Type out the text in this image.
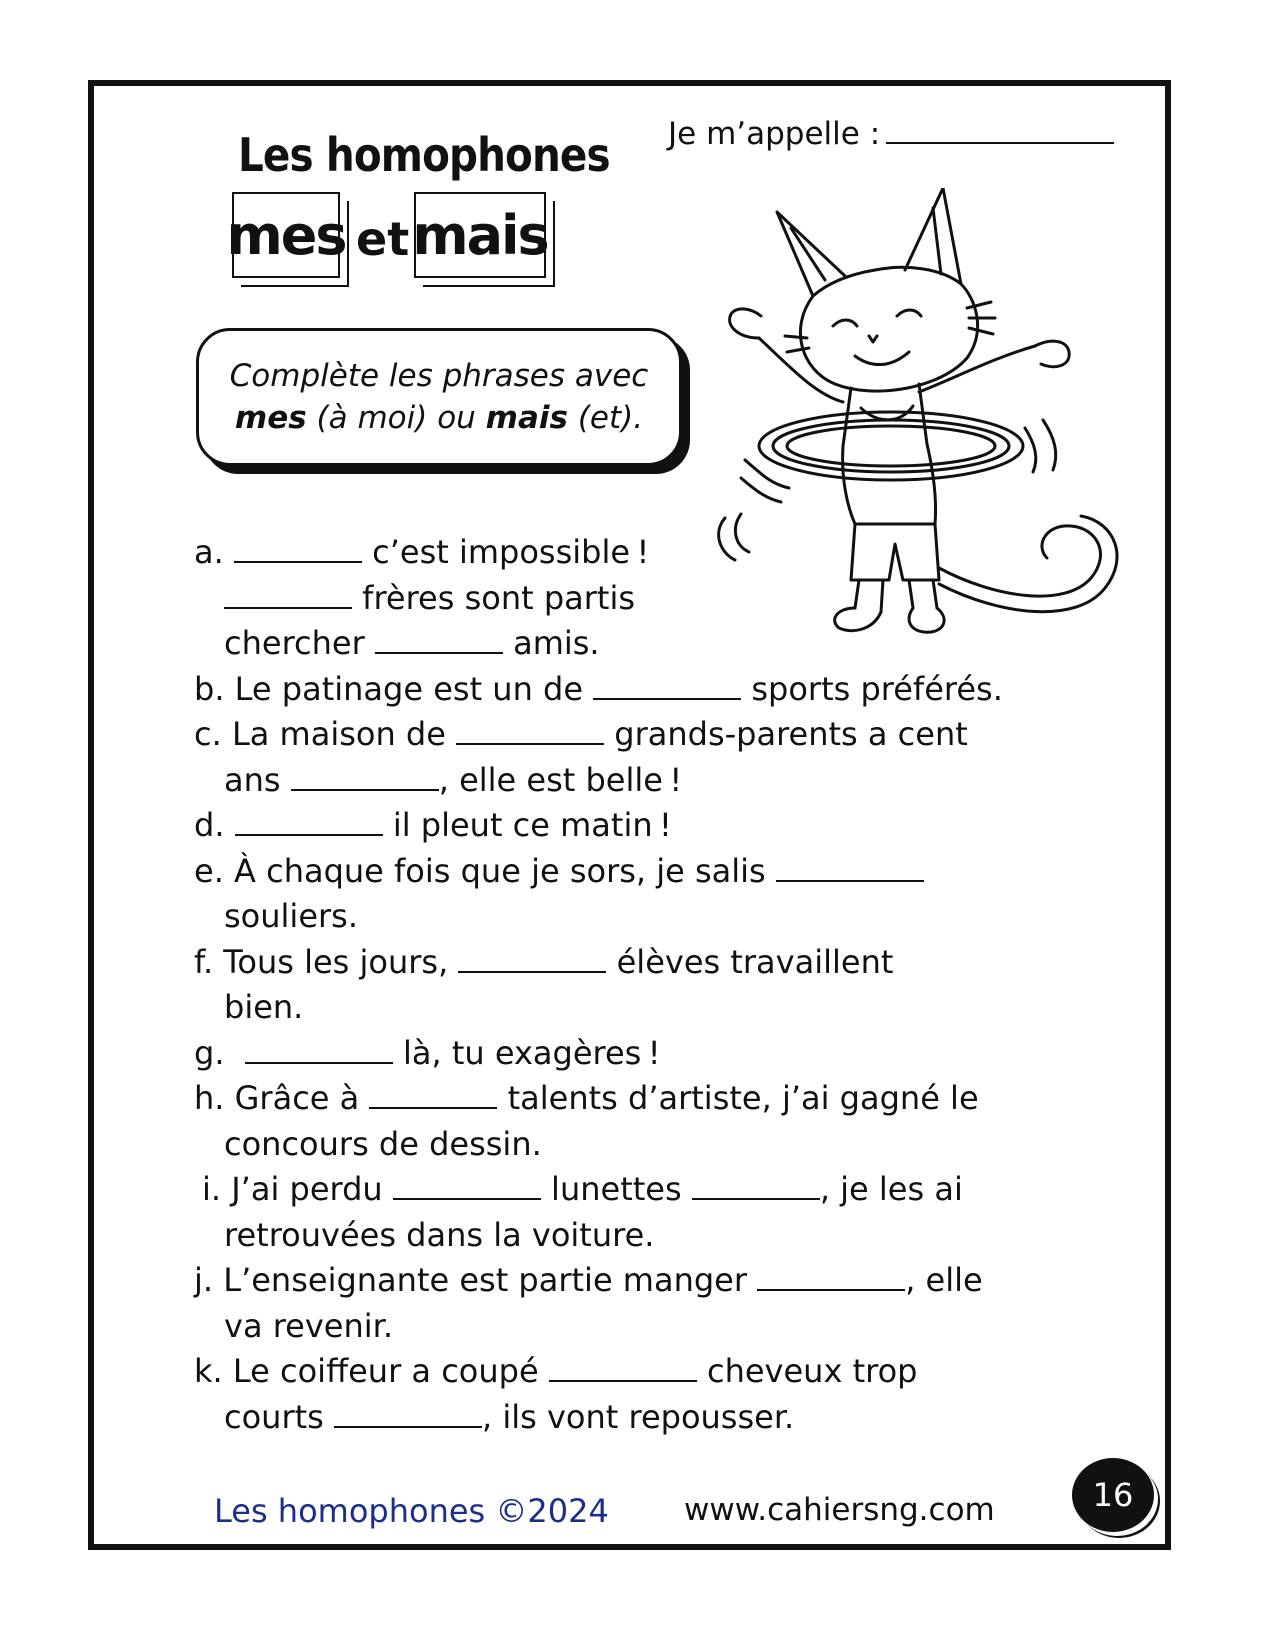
Les homophones
mes et mais
Je m’appelle :
Complète les phrases avec
mes (à moi) ou mais (et).
a.	c’est impossible !
frères sont partis
chercher	amis.
b. Le patinage est un de	sports préférés.
c. La maison de	grands-parents a cent
ans	, elle est belle !
d.	il pleut ce matin !
e. À chaque fois que je sors, je salis
souliers.
f. Tous les jours,	élèves travaillent
bien.
g.	là, tu exagères !
h. Grâce à	talents d’artiste, j’ai gagné le
concours de dessin.
i. J’ai perdu	lunettes	, je les ai
retrouvées dans la voiture.
j. L’enseignante est partie manger	, elle
va revenir.
k. Le coiffeur a coupé	cheveux trop
courts	, ils vont repousser.
Les homophones ©2024 www.cahiersng.com	16
